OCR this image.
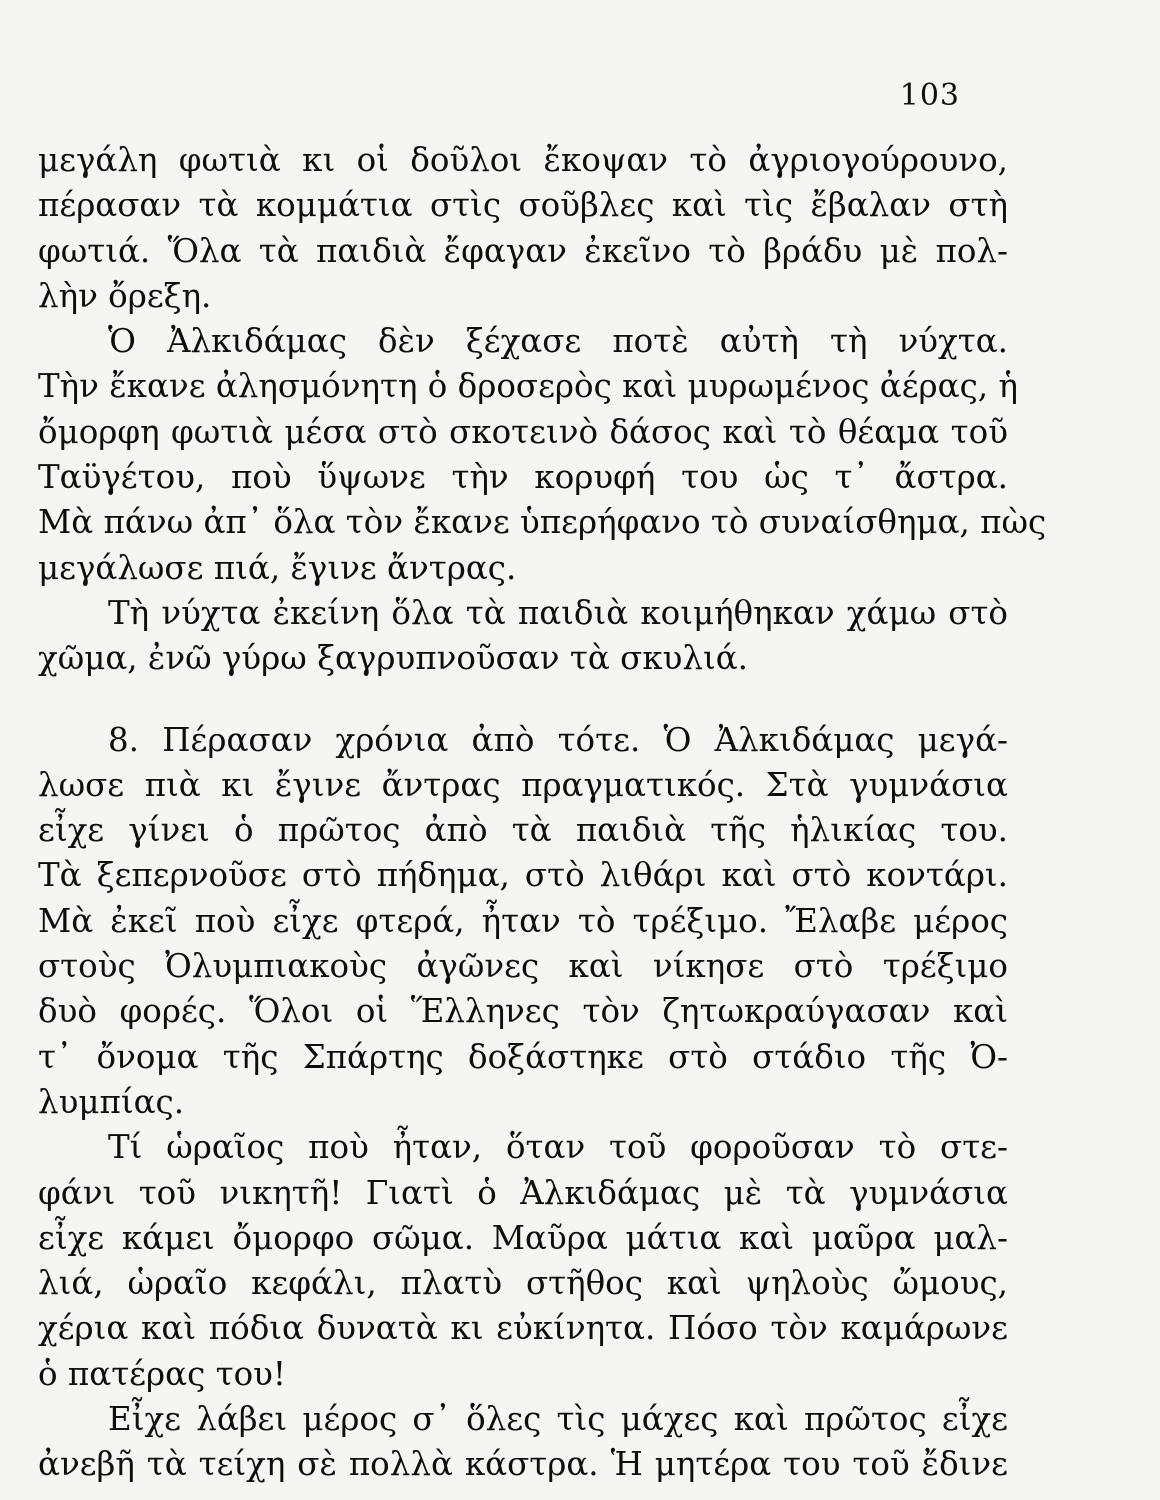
103
μεγάλη φωτιὰ κι οἱ δοῦλοι ἔκοψαν τὸ ἀγριογούρουνο,
πέρασαν τὰ κομμάτια στὶς σοῦβλες καὶ τὶς ἔβαλαν στὴ
φωτιά. Ὅλα τὰ παιδιὰ ἔφαγαν ἐκεῖνο τὸ βράδυ μὲ πολ-
λὴν ὄρεξη.
Ὁ Ἀλκιδάμας δὲν ξέχασε ποτὲ αὐτὴ τὴ νύχτα.
Τὴν ἔκανε ἀλησμόνητη ὁ δροσερὸς καὶ μυρωμένος ἀέρας, ἡ
ὄμορφη φωτιὰ μέσα στὸ σκοτεινὸ δάσος καὶ τὸ θέαμα τοῦ
Ταϋγέτου, ποὺ ὕψωνε τὴν κορυφή του ὡς τ᾽ ἄστρα.
Μὰ πάνω ἀπ᾽ ὅλα τὸν ἔκανε ὑπερήφανο τὸ συναίσθημα, πὼς
μεγάλωσε πιά, ἔγινε ἄντρας.
Τὴ νύχτα ἐκείνη ὅλα τὰ παιδιὰ κοιμήθηκαν χάμω στὸ
χῶμα, ἐνῶ γύρω ξαγρυπνοῦσαν τὰ σκυλιά.
8. Πέρασαν χρόνια ἀπὸ τότε. Ὁ Ἀλκιδάμας μεγά-
λωσε πιὰ κι ἔγινε ἄντρας πραγματικός. Στὰ γυμνάσια
εἶχε γίνει ὁ πρῶτος ἀπὸ τὰ παιδιὰ τῆς ἡλικίας του.
Τὰ ξεπερνοῦσε στὸ πήδημα, στὸ λιθάρι καὶ στὸ κοντάρι.
Μὰ ἐκεῖ ποὺ εἶχε φτερά, ἦταν τὸ τρέξιμο. Ἔλαβε μέρος
στοὺς Ὀλυμπιακοὺς ἀγῶνες καὶ νίκησε στὸ τρέξιμο
δυὸ φορές. Ὅλοι οἱ Ἕλληνες τὸν ζητωκραύγασαν καὶ
τ᾽ ὄνομα τῆς Σπάρτης δοξάστηκε στὸ στάδιο τῆς Ὀ-
λυμπίας.
Τί ὡραῖος ποὺ ἦταν, ὅταν τοῦ φοροῦσαν τὸ στε-
φάνι τοῦ νικητῆ! Γιατὶ ὁ Ἀλκιδάμας μὲ τὰ γυμνάσια
εἶχε κάμει ὄμορφο σῶμα. Μαῦρα μάτια καὶ μαῦρα μαλ-
λιά, ὡραῖο κεφάλι, πλατὺ στῆθος καὶ ψηλοὺς ὤμους,
χέρια καὶ πόδια δυνατὰ κι εὐκίνητα. Πόσο τὸν καμάρωνε
ὁ πατέρας του!
Εἶχε λάβει μέρος σ᾽ ὅλες τὶς μάχες καὶ πρῶτος εἶχε
ἀνεβῆ τὰ τείχη σὲ πολλὰ κάστρα. Ἡ μητέρα του τοῦ ἔδινε
